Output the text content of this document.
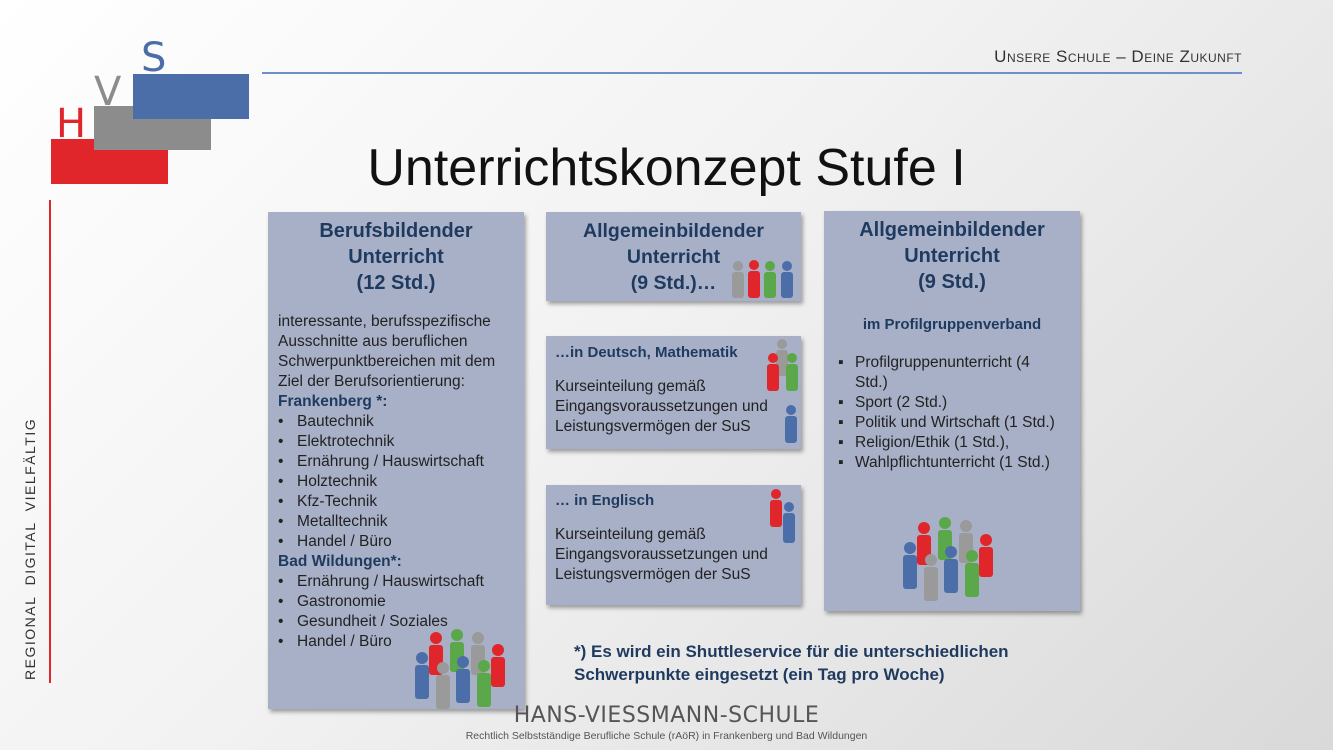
H
V
S
REGIONAL  DIGITAL  VIELFÄLTIG
Unsere Schule – Deine Zukunft
Unterrichtskonzept Stufe I
Berufsbildender
Unterricht
(12 Std.)
interessante, berufsspezifische Ausschnitte aus beruflichen Schwerpunktbereichen mit dem Ziel der Berufsorientierung:
Frankenberg *:
• Bautechnik
• Elektrotechnik
• Ernährung / Hauswirtschaft
• Holztechnik
• Kfz-Technik
• Metalltechnik
• Handel / Büro
Bad Wildungen*:
• Ernährung / Hauswirtschaft
• Gastronomie
• Gesundheit / Soziales
• Handel / Büro
Allgemeinbildender
Unterricht
(9 Std.)…
…in Deutsch, Mathematik
Kurseinteilung gemäß Eingangsvoraussetzungen und Leistungsvermögen der SuS
… in Englisch
Kurseinteilung gemäß Eingangsvoraussetzungen und Leistungsvermögen der SuS
Allgemeinbildender
Unterricht
(9 Std.)
im Profilgruppenverband
▪ Profilgruppenunterricht (4 Std.)
▪ Sport (2 Std.)
▪ Politik und Wirtschaft (1 Std.)
▪ Religion/Ethik (1 Std.),
▪ Wahlpflichtunterricht (1 Std.)
*) Es wird ein Shuttleservice für die unterschiedlichen Schwerpunkte eingesetzt (ein Tag pro Woche)
HANS-VIESSMANN-SCHULE
Rechtlich Selbstständige Berufliche Schule (rAöR) in Frankenberg und Bad Wildungen
